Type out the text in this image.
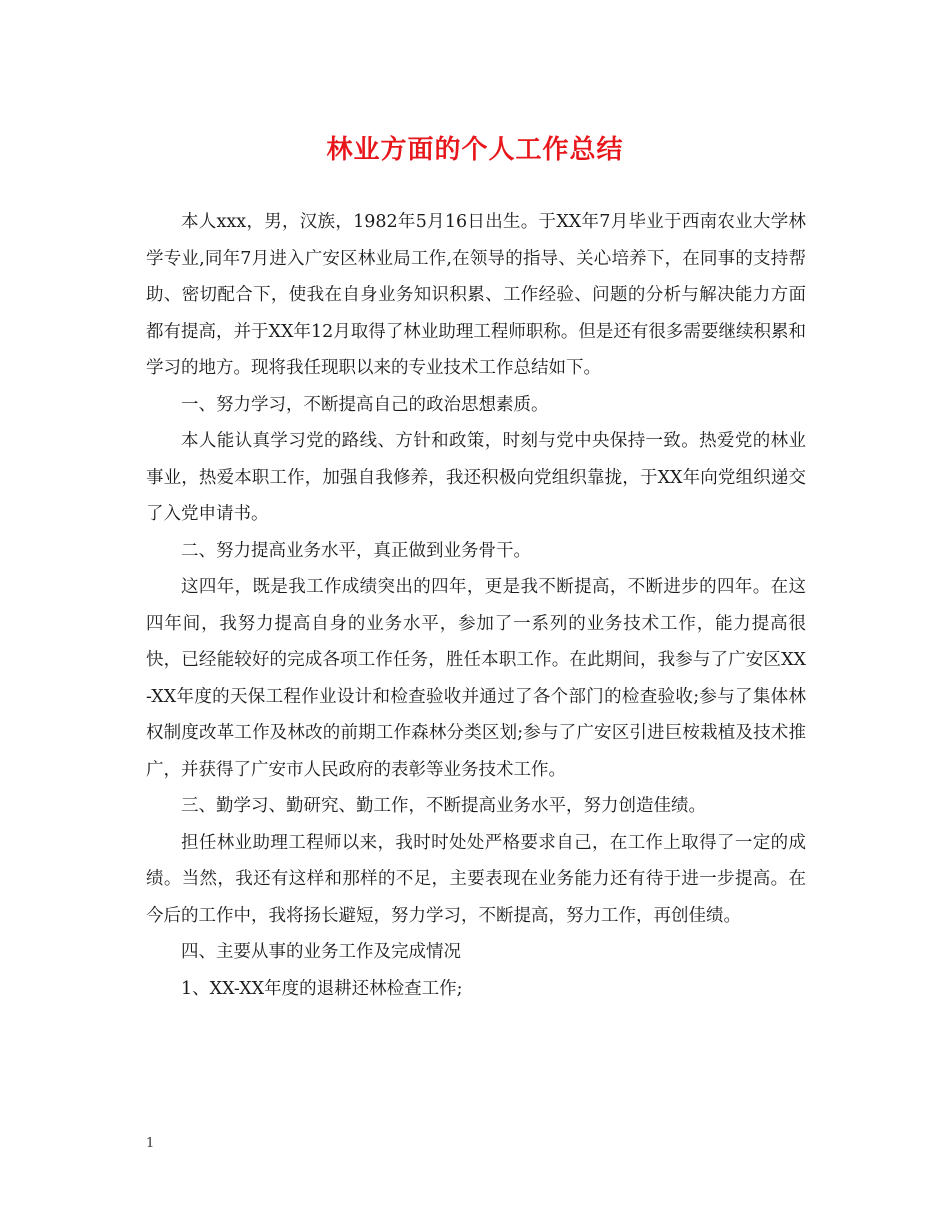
林业方面的个人工作总结

本人xxx，男，汉族，1982年5月16日出生。于XX年7月毕业于西南农业大学林学专业,同年7月进入广安区林业局工作,在领导的指导、关心培养下，在同事的支持帮助、密切配合下，使我在自身业务知识积累、工作经验、问题的分析与解决能力方面都有提高，并于XX年12月取得了林业助理工程师职称。但是还有很多需要继续积累和学习的地方。现将我任现职以来的专业技术工作总结如下。

一、努力学习，不断提高自己的政治思想素质。

本人能认真学习党的路线、方针和政策，时刻与党中央保持一致。热爱党的林业事业，热爱本职工作，加强自我修养，我还积极向党组织靠拢，于XX年向党组织递交了入党申请书。

二、努力提高业务水平，真正做到业务骨干。

这四年，既是我工作成绩突出的四年，更是我不断提高，不断进步的四年。在这四年间，我努力提高自身的业务水平，参加了一系列的业务技术工作，能力提高很快，已经能较好的完成各项工作任务，胜任本职工作。在此期间，我参与了广安区XX-XX年度的天保工程作业设计和检查验收并通过了各个部门的检查验收;参与了集体林权制度改革工作及林改的前期工作森林分类区划;参与了广安区引进巨桉栽植及技术推广，并获得了广安市人民政府的表彰等业务技术工作。

三、勤学习、勤研究、勤工作，不断提高业务水平，努力创造佳绩。

担任林业助理工程师以来，我时时处处严格要求自己，在工作上取得了一定的成绩。当然，我还有这样和那样的不足，主要表现在业务能力还有待于进一步提高。在今后的工作中，我将扬长避短，努力学习，不断提高，努力工作，再创佳绩。

四、主要从事的业务工作及完成情况

1、XX-XX年度的退耕还林检查工作;

1
